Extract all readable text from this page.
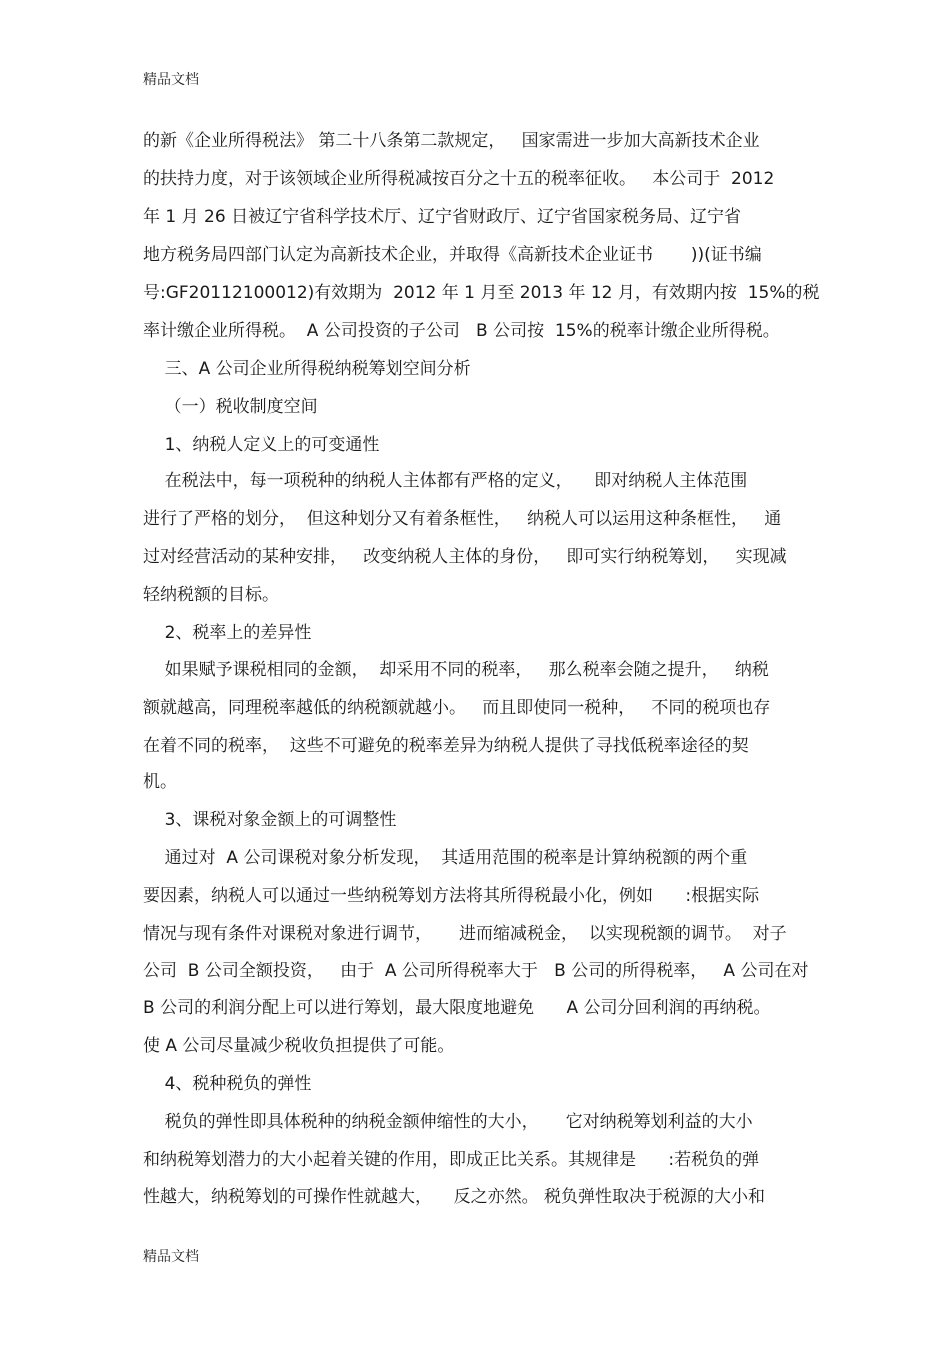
精品文档
的新《企业所得税法》 第二十八条第二款规定，   国家需进一步加大高新技术企业
的扶持力度，对于该领域企业所得税减按百分之十五的税率征收。   本公司于  2012
年 1 月 26 日被辽宁省科学技术厅、辽宁省财政厅、辽宁省国家税务局、辽宁省
地方税务局四部门认定为高新技术企业，并取得《高新技术企业证书       ))(证书编
号:GF20112100012)有效期为  2012 年 1 月至 2013 年 12 月，有效期内按  15%的税
率计缴企业所得税。  A 公司投资的子公司   B 公司按  15%的税率计缴企业所得税。
三、A 公司企业所得税纳税筹划空间分析
（一）税收制度空间
1、纳税人定义上的可变通性
在税法中，每一项税种的纳税人主体都有严格的定义，    即对纳税人主体范围
进行了严格的划分，  但这种划分又有着条框性，   纳税人可以运用这种条框性，   通
过对经营活动的某种安排，   改变纳税人主体的身份，   即可实行纳税筹划，   实现减
轻纳税额的目标。
2、税率上的差异性
如果赋予课税相同的金额，  却采用不同的税率，   那么税率会随之提升，   纳税
额就越高，同理税率越低的纳税额就越小。   而且即使同一税种，   不同的税项也存
在着不同的税率，  这些不可避免的税率差异为纳税人提供了寻找低税率途径的契
机。
3、课税对象金额上的可调整性
通过对  A 公司课税对象分析发现，  其适用范围的税率是计算纳税额的两个重
要因素，纳税人可以通过一些纳税筹划方法将其所得税最小化，例如      :根据实际
情况与现有条件对课税对象进行调节，     进而缩减税金，  以实现税额的调节。  对子
公司  B 公司全额投资，   由于  A 公司所得税率大于   B 公司的所得税率，   A 公司在对
B 公司的利润分配上可以进行筹划，最大限度地避免      A 公司分回利润的再纳税。
使 A 公司尽量减少税收负担提供了可能。
4、税种税负的弹性
税负的弹性即具体税种的纳税金额伸缩性的大小，     它对纳税筹划利益的大小
和纳税筹划潜力的大小起着关键的作用，即成正比关系。其规律是      :若税负的弹
性越大，纳税筹划的可操作性就越大，    反之亦然。 税负弹性取决于税源的大小和
精品文档
